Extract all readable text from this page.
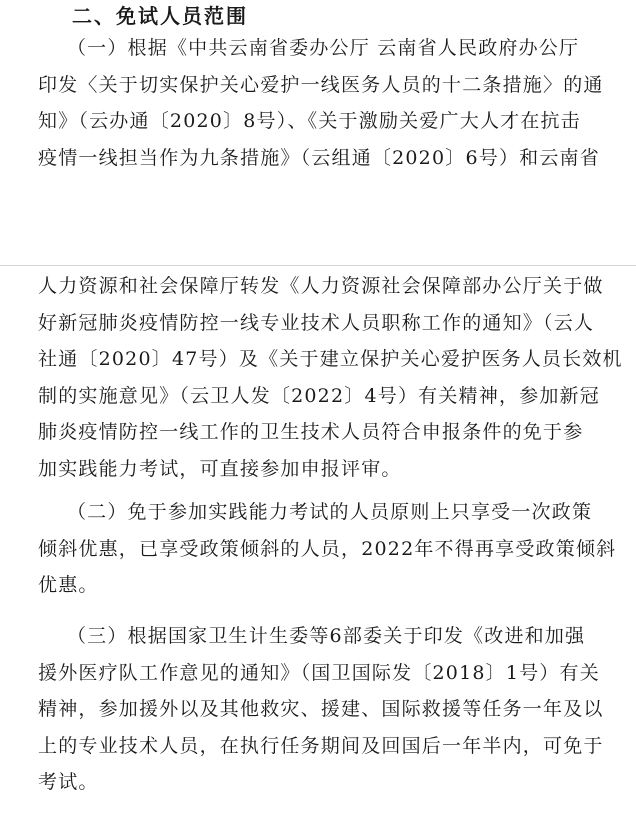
二、免试人员范围
（一）根据《中共云南省委办公厅 云南省人民政府办公厅
印发〈关于切实保护关心爱护一线医务人员的十二条措施〉的通
知》（云办通〔2020〕8号）、《关于激励关爱广大人才在抗击
疫情一线担当作为九条措施》（云组通〔2020〕6号）和云南省
人力资源和社会保障厅转发《人力资源社会保障部办公厅关于做
好新冠肺炎疫情防控一线专业技术人员职称工作的通知》（云人
社通〔2020〕47号）及《关于建立保护关心爱护医务人员长效机
制的实施意见》（云卫人发〔2022〕4号）有关精神，参加新冠
肺炎疫情防控一线工作的卫生技术人员符合申报条件的免于参
加实践能力考试，可直接参加申报评审。
（二）免于参加实践能力考试的人员原则上只享受一次政策
倾斜优惠，已享受政策倾斜的人员，2022年不得再享受政策倾斜
优惠。
（三）根据国家卫生计生委等6部委关于印发《改进和加强
援外医疗队工作意见的通知》（国卫国际发〔2018〕1号）有关
精神，参加援外以及其他救灾、援建、国际救援等任务一年及以
上的专业技术人员，在执行任务期间及回国后一年半内，可免于
考试。
